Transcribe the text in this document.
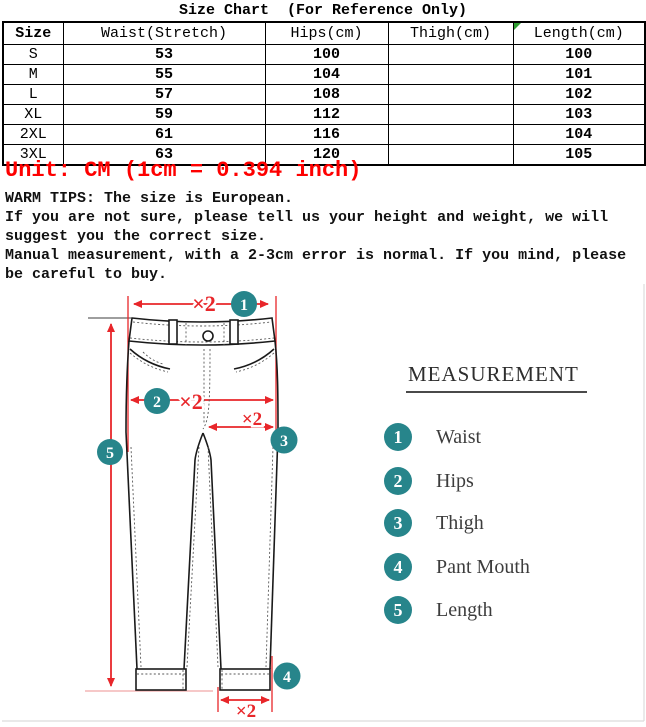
Size Chart  (For Reference Only)
Size	Waist(Stretch)	Hips(cm)	Thigh(cm)	Length(cm)
S	53	100		100
M	55	104		101
L	57	108		102
XL	59	112		103
2XL	61	116		104
3XL	63	120		105
Unit: CM (1cm = 0.394 inch)
WARM TIPS: The size is European.
If you are not sure, please tell us your height and weight, we will
suggest you the correct size.
Manual measurement, with a 2-3cm error is normal. If you mind, please
be careful to buy.
×2
×2
×2
×2
1
2
3
4
5
MEASUREMENT
1	Waist
2	Hips
3	Thigh
4	Pant Mouth
5	Length
